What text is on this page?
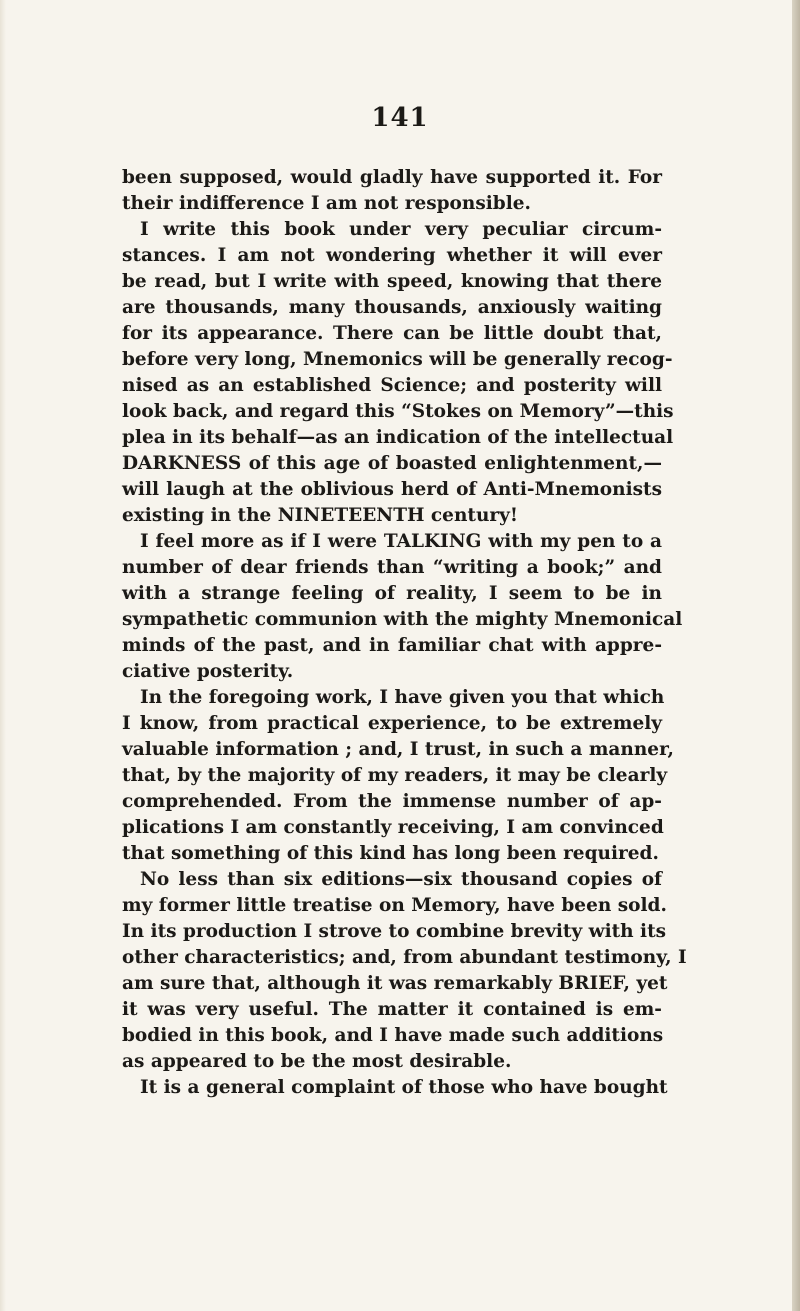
141
been supposed, would gladly have supported it. For
their indifference I am not responsible.
I write this book under very peculiar circum-
stances. I am not wondering whether it will ever
be read, but I write with speed, knowing that there
are thousands, many thousands, anxiously waiting
for its appearance. There can be little doubt that,
before very long, Mnemonics will be generally recog-
nised as an established Science; and posterity will
look back, and regard this “Stokes on Memory”—this
plea in its behalf—as an indication of the intellectual
DARKNESS of this age of boasted enlightenment,—
will laugh at the oblivious herd of Anti-Mnemonists
existing in the NINETEENTH century!
I feel more as if I were TALKING with my pen to a
number of dear friends than “writing a book;” and
with a strange feeling of reality, I seem to be in
sympathetic communion with the mighty Mnemonical
minds of the past, and in familiar chat with appre-
ciative posterity.
In the foregoing work, I have given you that which
I know, from practical experience, to be extremely
valuable information ; and, I trust, in such a manner,
that, by the majority of my readers, it may be clearly
comprehended. From the immense number of ap-
plications I am constantly receiving, I am convinced
that something of this kind has long been required.
No less than six editions—six thousand copies of
my former little treatise on Memory, have been sold.
In its production I strove to combine brevity with its
other characteristics; and, from abundant testimony, I
am sure that, although it was remarkably BRIEF, yet
it was very useful. The matter it contained is em-
bodied in this book, and I have made such additions
as appeared to be the most desirable.
It is a general complaint of those who have bought
